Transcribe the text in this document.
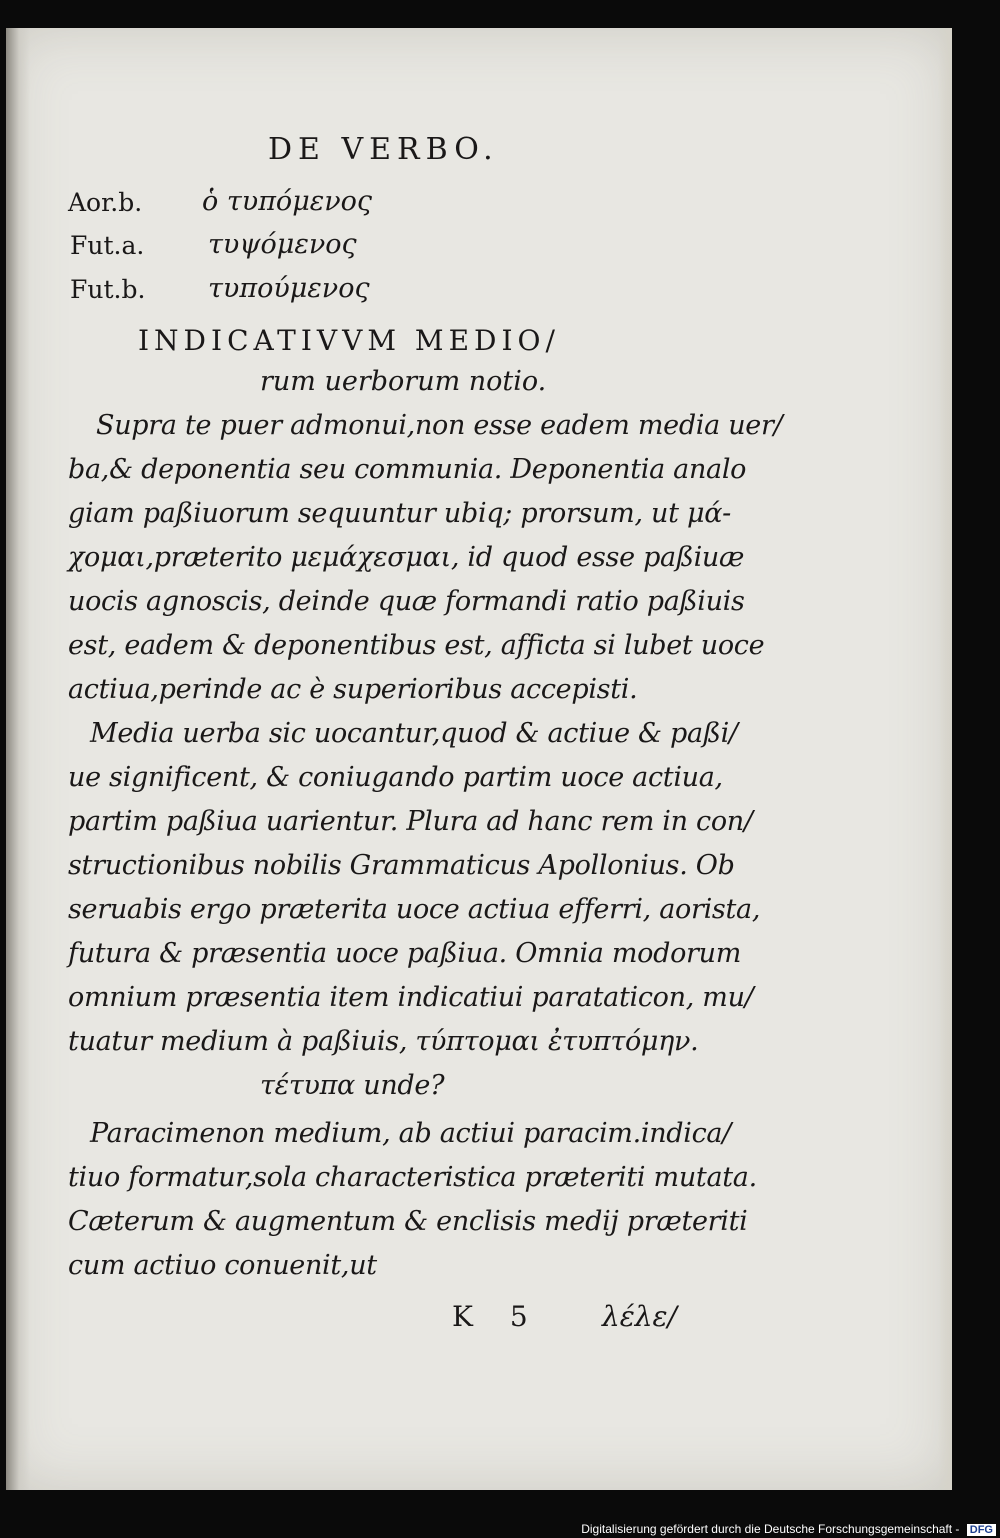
DE VERBO.
Aor.b. ὁ τυπόμενος
Fut.a. τυψόμενος
Fut.b. τυπούμενος
INDICATIVVM MEDIO/
rum uerborum notio.
Supra te puer admonui,non esse eadem media uer/
ba,& deponentia seu communia. Deponentia analo
giam paßiuorum sequuntur ubiq; prorsum, ut μά-
χομαι,præterito μεμάχεσμαι, id quod esse paßiuæ
uocis agnoscis, deinde quæ formandi ratio paßiuis
est, eadem & deponentibus est, afficta si lubet uoce
actiua,perinde ac è superioribus accepisti.
Media uerba sic uocantur,quod & actiue & paßi/
ue significent, & coniugando partim uoce actiua,
partim paßiua uarientur. Plura ad hanc rem in con/
structionibus nobilis Grammaticus Apollonius. Ob
seruabis ergo præterita uoce actiua efferri, aorista,
futura & præsentia uoce paßiua. Omnia modorum
omnium præsentia item indicatiui parataticon, mu/
tuatur medium à paßiuis, τύπτομαι ἐτυπτόμην.
τέτυπα unde?
Paracimenon medium, ab actiui paracim.indica/
tiuo formatur,sola characteristica præteriti mutata.
Cæterum & augmentum & enclisis medij præteriti
cum actiuo conuenit,ut
K 5	λέλε/
Digitalisierung gefördert durch die Deutsche Forschungsgemeinschaft - DFG
